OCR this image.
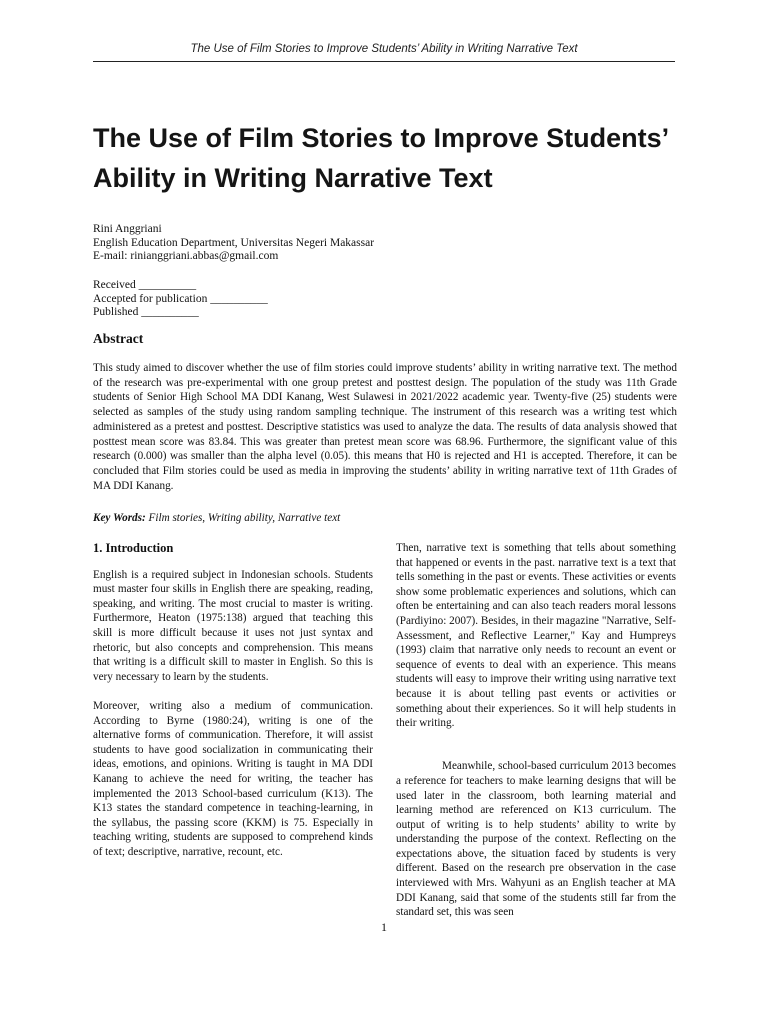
The Use of Film Stories to Improve Students’ Ability in Writing Narrative Text
The Use of Film Stories to Improve Students’
Ability in Writing Narrative Text
Rini Anggriani
English Education Department, Universitas Negeri Makassar
E-mail: rinianggriani.abbas@gmail.com
Received __________
Accepted for publication __________
Published __________
Abstract

This study aimed to discover whether the use of film stories could improve students’ ability in writing narrative text. The method of the research was pre-experimental with one group pretest and posttest design. The population of the study was 11th Grade students of Senior High School MA DDI Kanang, West Sulawesi in 2021/2022 academic year. Twenty-five (25) students were selected as samples of the study using random sampling technique. The instrument of this research was a writing test which administered as a pretest and posttest. Descriptive statistics was used to analyze the data. The results of data analysis showed that posttest mean score was 83.84. This was greater than pretest mean score was 68.96. Furthermore, the significant value of this research (0.000) was smaller than the alpha level (0.05). this means that H0 is rejected and H1 is accepted. Therefore, it can be concluded that Film stories could be used as media in improving the students’ ability in writing narrative text of 11th Grades of MA DDI Kanang.

Key Words: Film stories, Writing ability, Narrative text

1. Introduction

English is a required subject in Indonesian schools. Students must master four skills in English there are speaking, reading, speaking, and writing. The most crucial to master is writing. Furthermore, Heaton (1975:138) argued that teaching this skill is more difficult because it uses not just syntax and rhetoric, but also concepts and comprehension. This means that writing is a difficult skill to master in English. So this is very necessary to learn by the students.

Moreover, writing also a medium of communication. According to Byrne (1980:24), writing is one of the alternative forms of communication. Therefore, it will assist students to have good socialization in communicating their ideas, emotions, and opinions. Writing is taught in MA DDI Kanang to achieve the need for writing, the teacher has implemented the 2013 School-based curriculum (K13). The K13 states the standard competence in teaching-learning, in the syllabus, the passing score (KKM) is 75. Especially in teaching writing, students are supposed to comprehend kinds of text; descriptive, narrative, recount, etc.

Then, narrative text is something that tells about something that happened or events in the past. narrative text is a text that tells something in the past or events. These activities or events show some problematic experiences and solutions, which can often be entertaining and can also teach readers moral lessons (Pardiyino: 2007). Besides, in their magazine "Narrative, Self-Assessment, and Reflective Learner," Kay and Humpreys (1993) claim that narrative only needs to recount an event or sequence of events to deal with an experience. This means students will easy to improve their writing using narrative text because it is about telling past events or activities or something about their experiences. So it will help students in their writing.

Meanwhile, school-based curriculum 2013 becomes a reference for teachers to make learning designs that will be used later in the classroom, both learning material and learning method are referenced on K13 curriculum. The output of writing is to help students’ ability to write by understanding the purpose of the context. Reflecting on the expectations above, the situation faced by students is very different. Based on the research pre observation in the case interviewed with Mrs. Wahyuni as an English teacher at MA DDI Kanang, said that some of the students still far from the standard set, this was seen

1
